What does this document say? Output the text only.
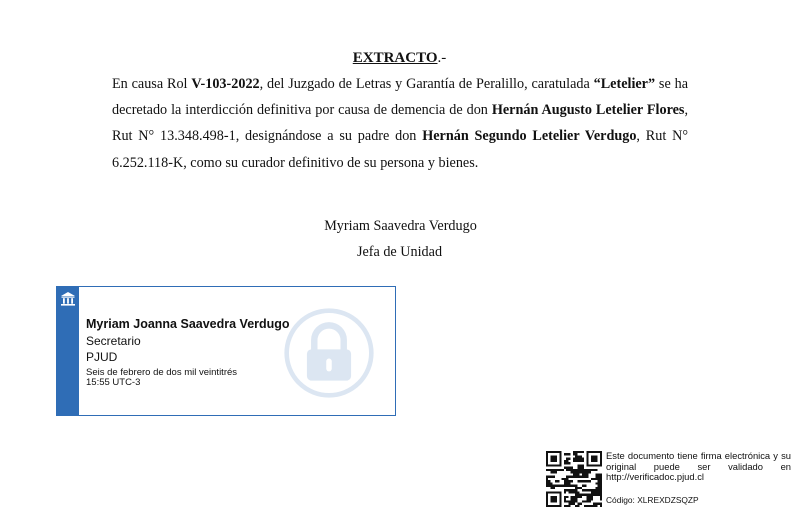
EXTRACTO.-
En causa Rol V-103-2022, del Juzgado de Letras y Garantía de Peralillo, caratulada “Letelier” se ha decretado la interdicción definitiva por causa de demencia de don Hernán Augusto Letelier Flores, Rut N° 13.348.498-1, designándose a su padre don Hernán Segundo Letelier Verdugo, Rut N° 6.252.118-K, como su curador definitivo de su persona y bienes.
Myriam Saavedra Verdugo
Jefa de Unidad
Myriam Joanna Saavedra Verdugo
Secretario
PJUD
Seis de febrero de dos mil veintitrés
15:55 UTC-3
Este documento tiene firma electrónica y su original puede ser validado en http://verificadoc.pjud.cl
Código: XLREXDZSQZP
